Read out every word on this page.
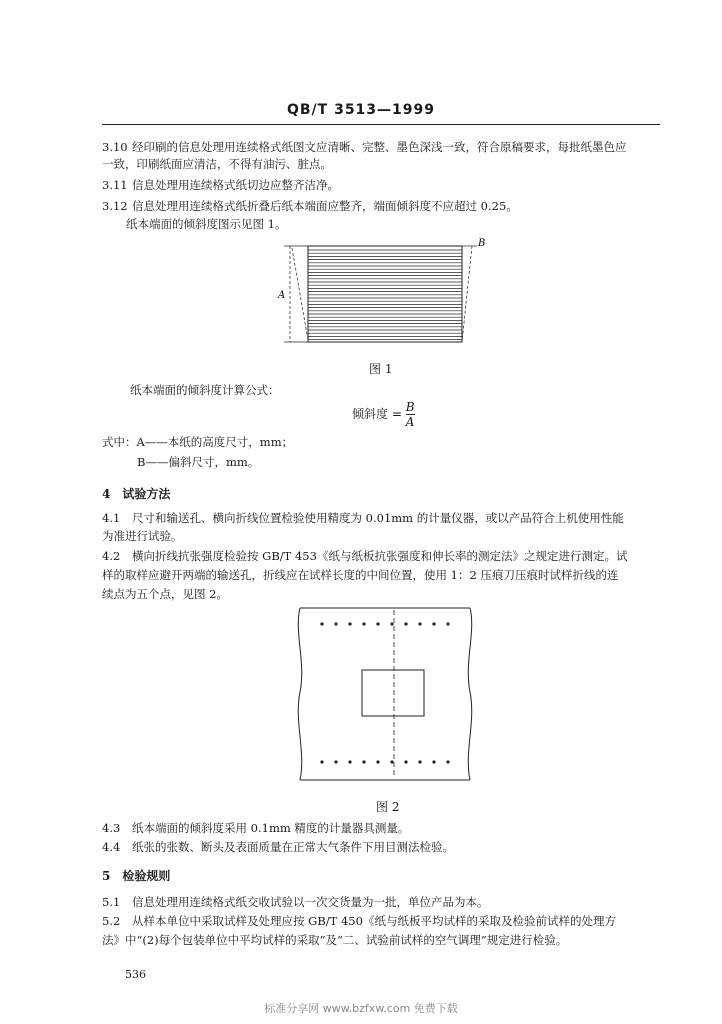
QB/T 3513—1999
3.10 经印刷的信息处理用连续格式纸图文应清晰、完整、墨色深浅一致，符合原稿要求，每批纸墨色应
一致，印刷纸面应清洁，不得有油污、脏点。
3.11 信息处理用连续格式纸切边应整齐洁净。
3.12 信息处理用连续格式纸折叠后纸本端面应整齐，端面倾斜度不应超过 0.25。
纸本端面的倾斜度图示见图 1。
A
B
图 1
纸本端面的倾斜度计算公式：
倾斜度 = $\frac{B}{A}$
式中：A——本纸的高度尺寸，mm；
B——偏斜尺寸，mm。
4　试验方法
4.1 尺寸和输送孔、横向折线位置检验使用精度为 0.01mm 的计量仪器，或以产品符合上机使用性能
为准进行试验。
4.2 横向折线抗张强度检验按 GB/T 453《纸与纸板抗张强度和伸长率的测定法》之规定进行测定。试
样的取样应避开两端的输送孔，折线应在试样长度的中间位置，使用 1：2 压痕刀压痕时试样折线的连
续点为五个点，见图 2。
图 2
4.3 纸本端面的倾斜度采用 0.1mm 精度的计量器具测量。
4.4 纸张的张数、断头及表面质量在正常大气条件下用目测法检验。
5　检验规则
5.1 信息处理用连续格式纸交收试验以一次交货量为一批，单位产品为本。
5.2 从样本单位中采取试样及处理应按 GB/T 450《纸与纸板平均试样的采取及检验前试样的处理方
法》中“(2)每个包装单位中平均试样的采取”及“二、试验前试样的空气调理”规定进行检验。
536
标准分享网 www.bzfxw.com 免费下载
